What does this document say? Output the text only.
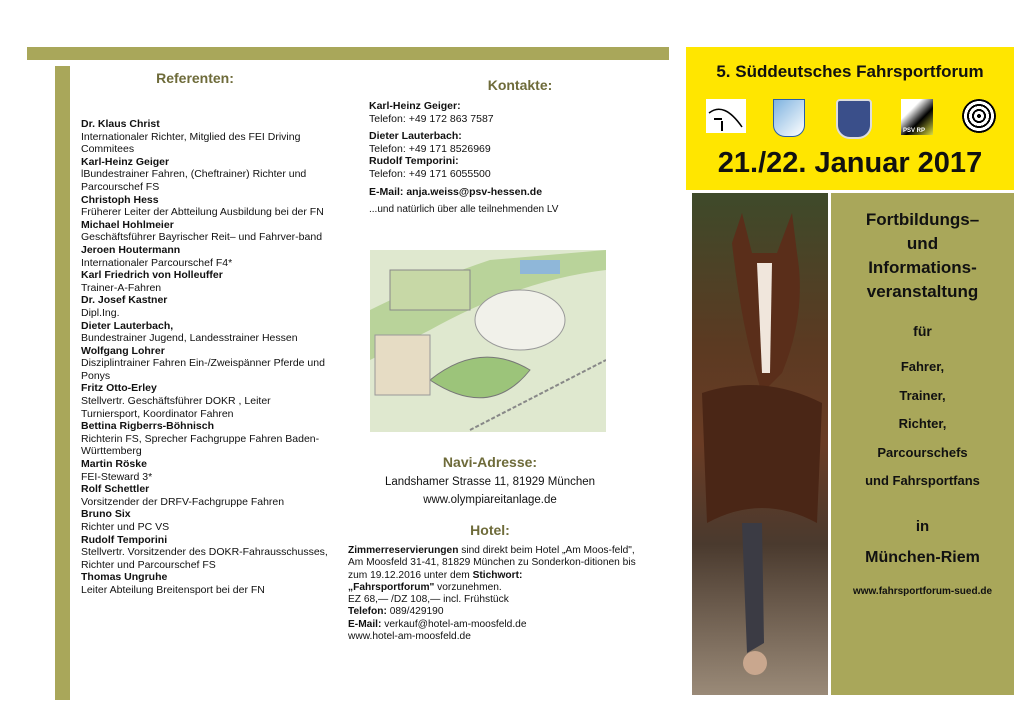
Referenten:
Dr. Klaus Christ
Internationaler Richter, Mitglied des FEI Driving Commitees
Karl-Heinz Geiger
lBundestrainer Fahren, (Cheftrainer) Richter und Parcourschef FS
Christoph Hess
Früherer Leiter der Abtteilung Ausbildung bei der FN
Michael Hohlmeier
Geschäftsführer Bayrischer Reit– und Fahrver-band
Jeroen Houtermann
Internationaler Parcourschef F4*
Karl Friedrich von Holleuffer
Trainer-A-Fahren
Dr. Josef Kastner
Dipl.Ing.
Dieter Lauterbach,
Bundestrainer Jugend, Landesstrainer Hessen
Wolfgang Lohrer
Disziplintrainer Fahren Ein-/Zweispänner Pferde und Ponys
Fritz Otto-Erley
Stellvertr. Geschäftsführer DOKR , Leiter Turniersport, Koordinator Fahren
Bettina Rigberrs-Böhnisch
Richterin FS, Sprecher Fachgruppe Fahren Baden-Württemberg
Martin Röske
FEI-Steward 3*
Rolf Schettler
Vorsitzender der DRFV-Fachgruppe Fahren
Bruno Six
Richter und PC VS
Rudolf Temporini
Stellvertr. Vorsitzender des DOKR-Fahrausschusses, Richter und Parcourschef FS
Thomas Ungruhe
Leiter Abteilung Breitensport bei der FN
Kontakte:
Karl-Heinz Geiger:
Telefon: +49 172 863 7587
Dieter Lauterbach:
Telefon: +49 171 8526969
Rudolf Temporini:
Telefon: +49 171 6055500
E-Mail: anja.weiss@psv-hessen.de
...und natürlich über alle teilnehmenden LV
Navi-Adresse:
Landshamer Strasse 11, 81929 München
www.olympiareitanlage.de
Hotel:
Zimmerreservierungen sind direkt beim Hotel „Am Moos-feld", Am Moosfeld 31-41, 81829 München zu Sonderkon-ditionen bis zum 19.12.2016 unter dem Stichwort:
„Fahrsportforum" vorzunehmen.
EZ 68,— /DZ 108,— incl. Frühstück
Telefon: 089/429190
E-Mail: verkauf@hotel-am-moosfeld.de
www.hotel-am-moosfeld.de
5. Süddeutsches Fahrsportforum
PSV RP
21./22. Januar 2017
Fortbildungs–
und
Informations-
veranstaltung
für
Fahrer,
Trainer,
Richter,
Parcourschefs
und Fahrsportfans
in
München-Riem
www.fahrsportforum-sued.de
